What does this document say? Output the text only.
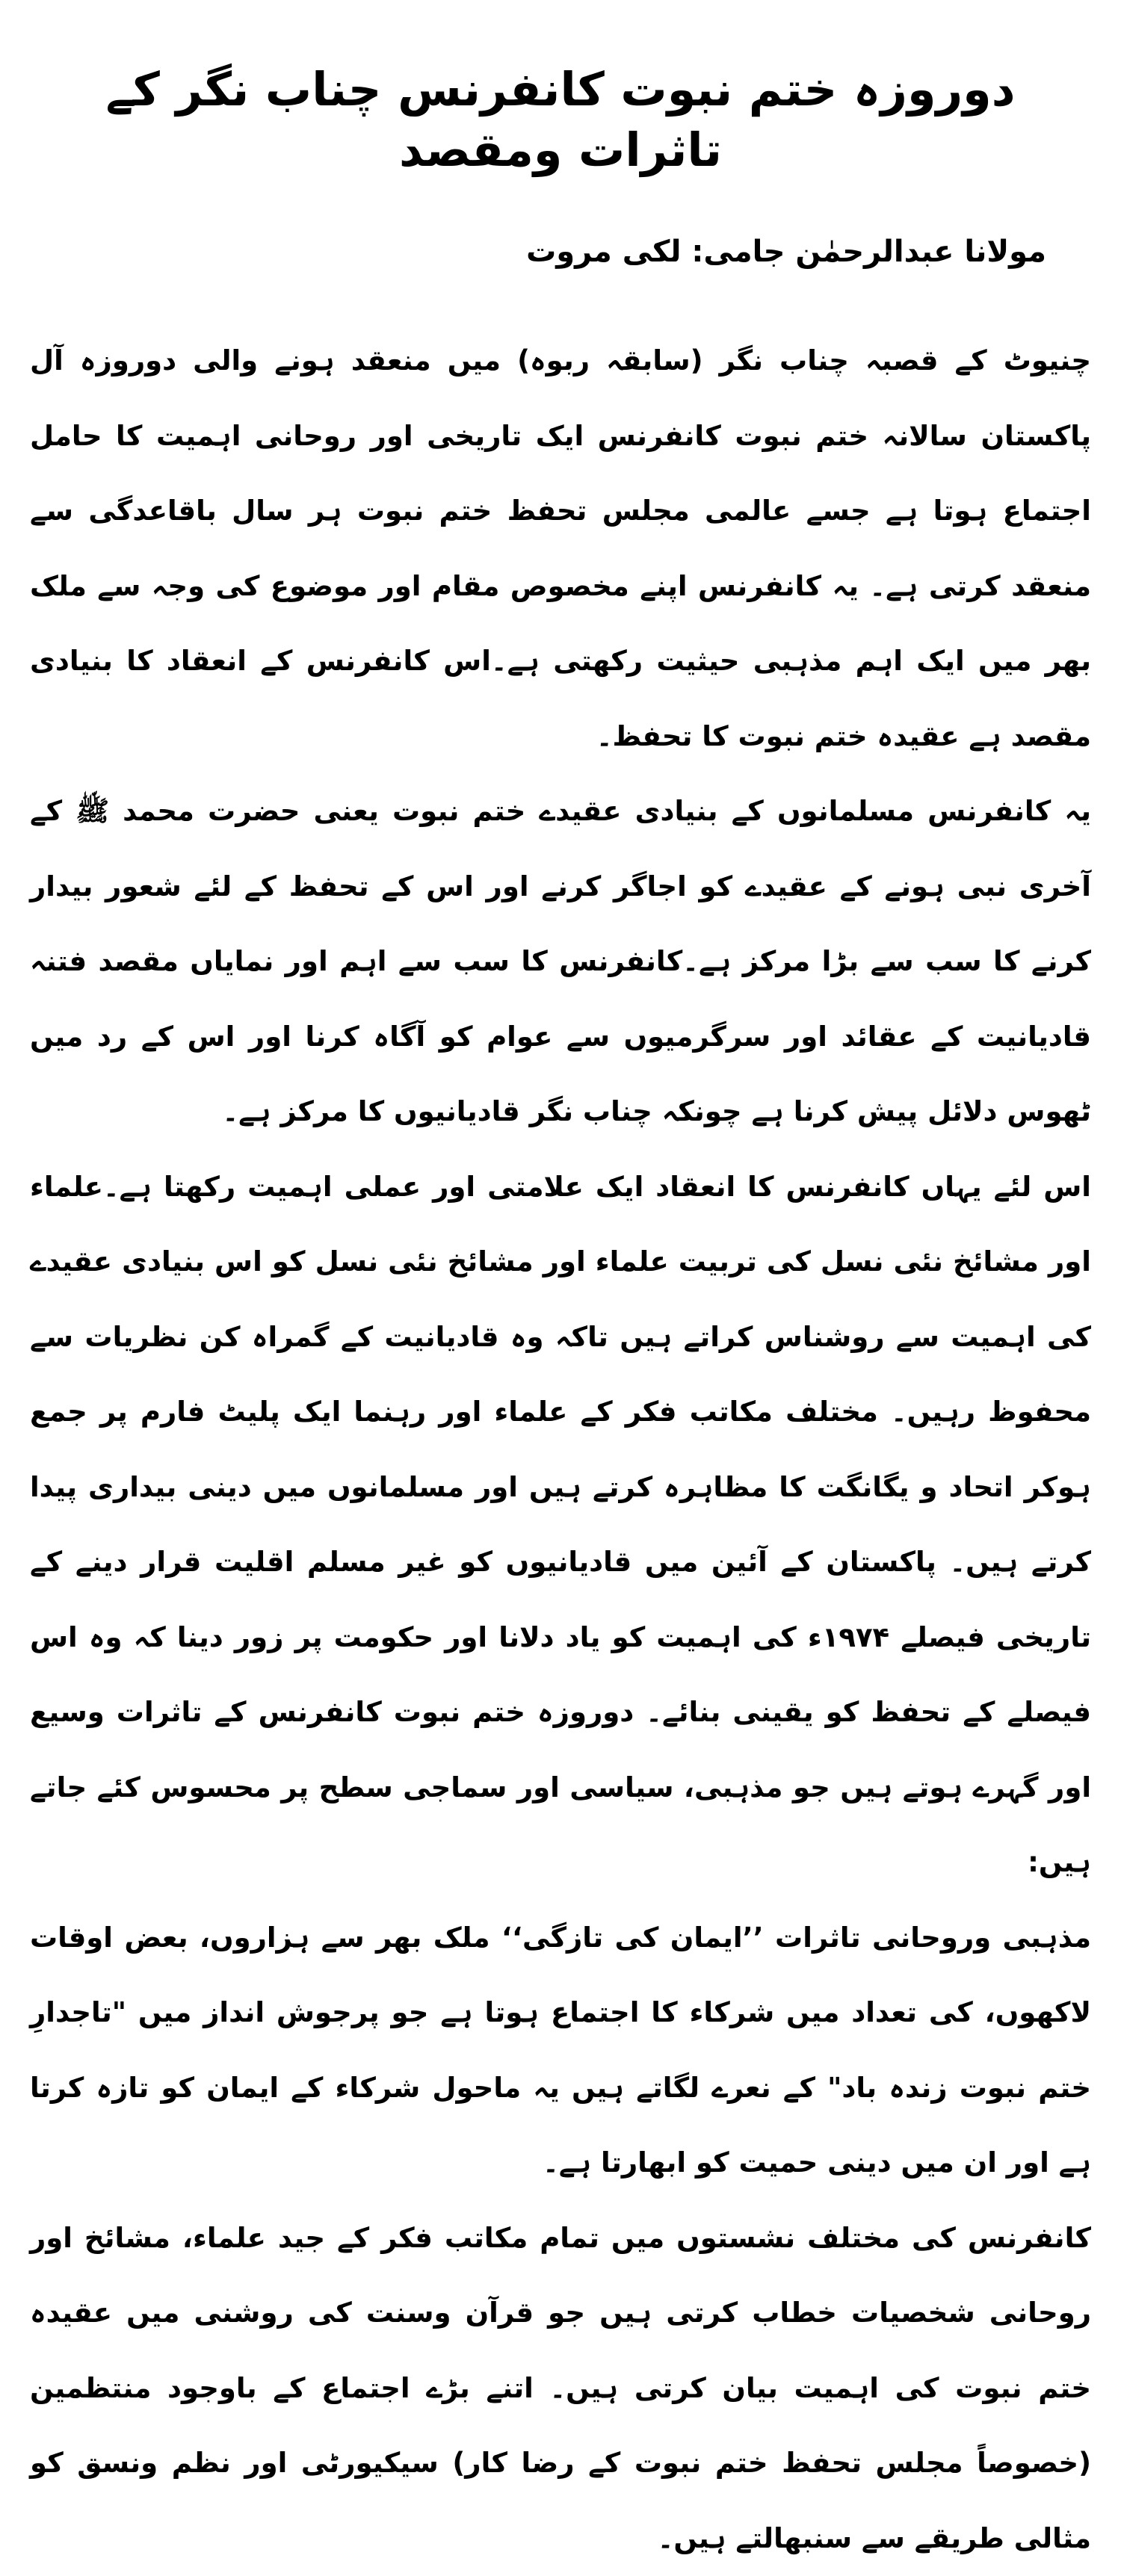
دوروزہ ختم نبوت کانفرنس چناب نگر کے تاثرات ومقصد
مولانا عبدالرحمٰن جامی: لکی مروت

چنیوٹ کے قصبہ چناب نگر (سابقہ ربوہ) میں منعقد ہونے والی دوروزہ آل پاکستان سالانہ ختم نبوت کانفرنس ایک تاریخی اور روحانی اہمیت کا حامل اجتماع ہوتا ہے جسے عالمی مجلس تحفظ ختم نبوت ہر سال باقاعدگی سے منعقد کرتی ہے۔ یہ کانفرنس اپنے مخصوص مقام اور موضوع کی وجہ سے ملک بھر میں ایک اہم مذہبی حیثیت رکھتی ہے۔اس کانفرنس کے انعقاد کا بنیادی مقصد ہے عقیدہ ختم نبوت کا تحفظ۔

یہ کانفرنس مسلمانوں کے بنیادی عقیدے ختم نبوت یعنی حضرت محمد ﷺ کے آخری نبی ہونے کے عقیدے کو اجاگر کرنے اور اس کے تحفظ کے لئے شعور بیدار کرنے کا سب سے بڑا مرکز ہے۔کانفرنس کا سب سے اہم اور نمایاں مقصد فتنہ قادیانیت کے عقائد اور سرگرمیوں سے عوام کو آگاہ کرنا اور اس کے رد میں ٹھوس دلائل پیش کرنا ہے چونکہ چناب نگر قادیانیوں کا مرکز ہے۔

اس لئے یہاں کانفرنس کا انعقاد ایک علامتی اور عملی اہمیت رکھتا ہے۔علماء اور مشائخ نئی نسل کی تربیت علماء اور مشائخ نئی نسل کو اس بنیادی عقیدے کی اہمیت سے روشناس کراتے ہیں تاکہ وہ قادیانیت کے گمراہ کن نظریات سے محفوظ رہیں۔ مختلف مکاتب فکر کے علماء اور رہنما ایک پلیٹ فارم پر جمع ہوکر اتحاد و یگانگت کا مظاہرہ کرتے ہیں اور مسلمانوں میں دینی بیداری پیدا کرتے ہیں۔ پاکستان کے آئین میں قادیانیوں کو غیر مسلم اقلیت قرار دینے کے تاریخی فیصلے ۱۹۷۴ء کی اہمیت کو یاد دلانا اور حکومت پر زور دینا کہ وہ اس فیصلے کے تحفظ کو یقینی بنائے۔ دوروزہ ختم نبوت کانفرنس کے تاثرات وسیع اور گہرے ہوتے ہیں جو مذہبی، سیاسی اور سماجی سطح پر محسوس کئے جاتے ہیں:

مذہبی وروحانی تاثرات ’’ایمان کی تازگی‘‘ ملک بھر سے ہزاروں، بعض اوقات لاکھوں، کی تعداد میں شرکاء کا اجتماع ہوتا ہے جو پرجوش انداز میں "تاجدارِ ختم نبوت زندہ باد" کے نعرے لگاتے ہیں یہ ماحول شرکاء کے ایمان کو تازہ کرتا ہے اور ان میں دینی حمیت کو ابھارتا ہے۔

کانفرنس کی مختلف نشستوں میں تمام مکاتب فکر کے جید علماء، مشائخ اور روحانی شخصیات خطاب کرتی ہیں جو قرآن وسنت کی روشنی میں عقیدہ ختم نبوت کی اہمیت بیان کرتی ہیں۔ اتنے بڑے اجتماع کے باوجود منتظمین (خصوصاً مجلس تحفظ ختم نبوت کے رضا کار) سیکیورٹی اور نظم ونسق کو مثالی طریقے سے سنبھالتے ہیں۔
